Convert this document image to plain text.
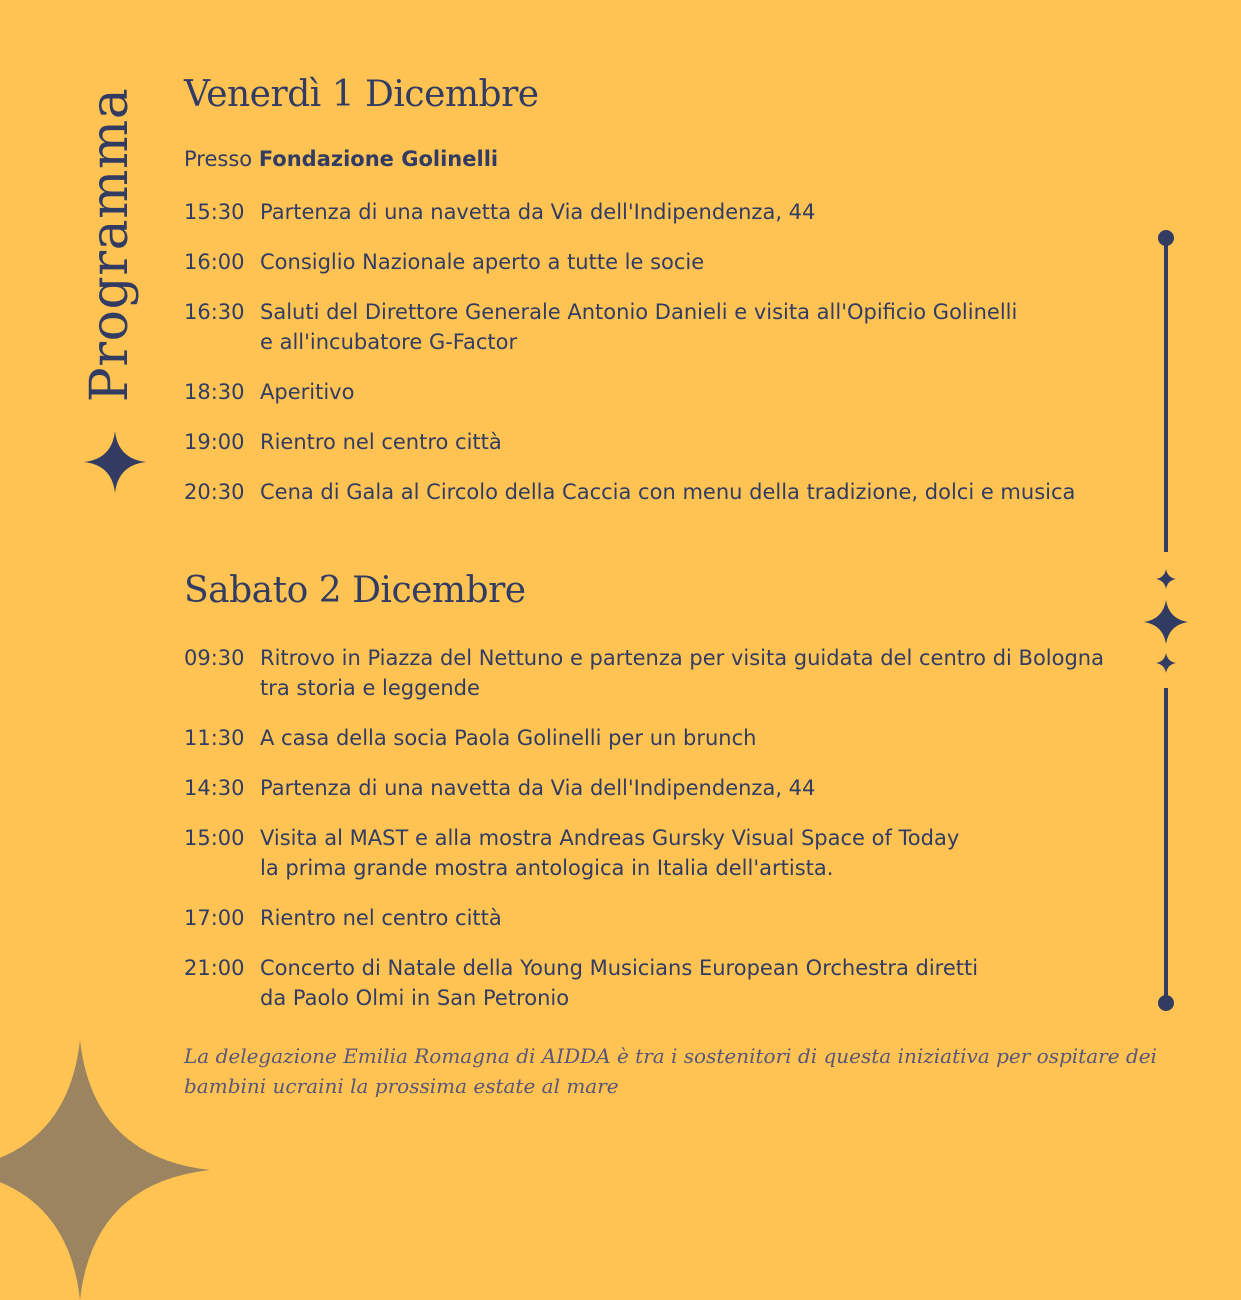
Programma Venerdì 1 Dicembre
Presso Fondazione Golinelli
15:30 Partenza di una navetta da Via dell'Indipendenza, 44
16:00 Consiglio Nazionale aperto a tutte le socie
16:30 Saluti del Direttore Generale Antonio Danieli e visita all'Opificio Golinelli
e all'incubatore G-Factor
18:30 Aperitivo
19:00 Rientro nel centro città
20:30 Cena di Gala al Circolo della Caccia con menu della tradizione, dolci e musica
Sabato 2 Dicembre
09:30 Ritrovo in Piazza del Nettuno e partenza per visita guidata del centro di Bologna
tra storia e leggende
11:30 A casa della socia Paola Golinelli per un brunch
14:30 Partenza di una navetta da Via dell'Indipendenza, 44
15:00 Visita al MAST e alla mostra Andreas Gursky Visual Space of Today
la prima grande mostra antologica in Italia dell'artista.
17:00 Rientro nel centro città
21:00 Concerto di Natale della Young Musicians European Orchestra diretti
da Paolo Olmi in San Petronio

La delegazione Emilia Romagna di AIDDA è tra i sostenitori di questa iniziativa per ospitare dei bambini ucraini la prossima estate al mare
